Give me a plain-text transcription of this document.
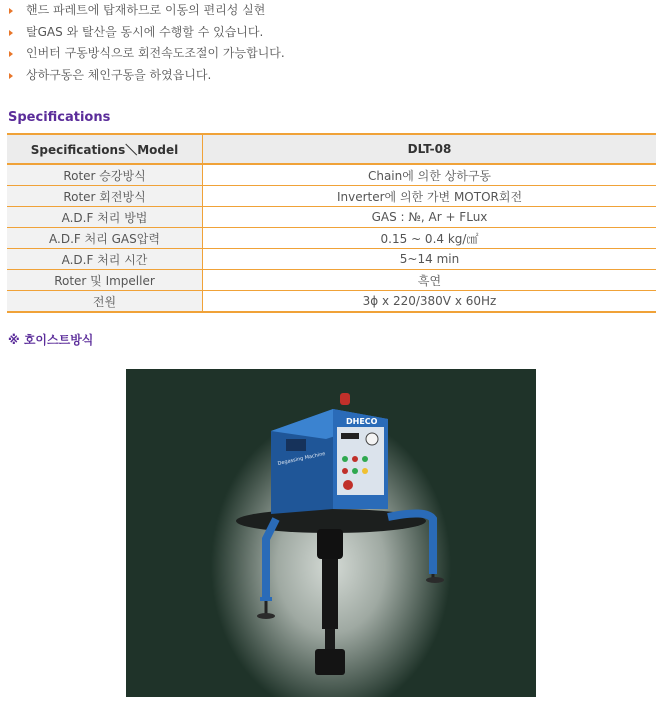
핸드 파레트에 탑재하므로 이동의 편리성 실현
탈GAS 와 탈산을 동시에 수행할 수 있습니다.
인버터 구동방식으로 회전속도조절이 가능합니다.
상하구동은 체인구동을 하였읍니다.
Specifications
Specifications＼Model	DLT-08
Roter 승강방식	Chain에 의한 상하구동
Roter 회전방식	Inverter에 의한 가변 MOTOR회전
A.D.F 처리 방법	GAS : №, Ar + FLux
A.D.F 처리 GAS압력	0.15 ~ 0.4 kg/㎠
A.D.F 처리 시간	5~14 min
Roter 및 Impeller	흑연
전원	3ϕ x 220/380V x 60Hz
※ 호이스트방식
DHECO
Degassing Machine
